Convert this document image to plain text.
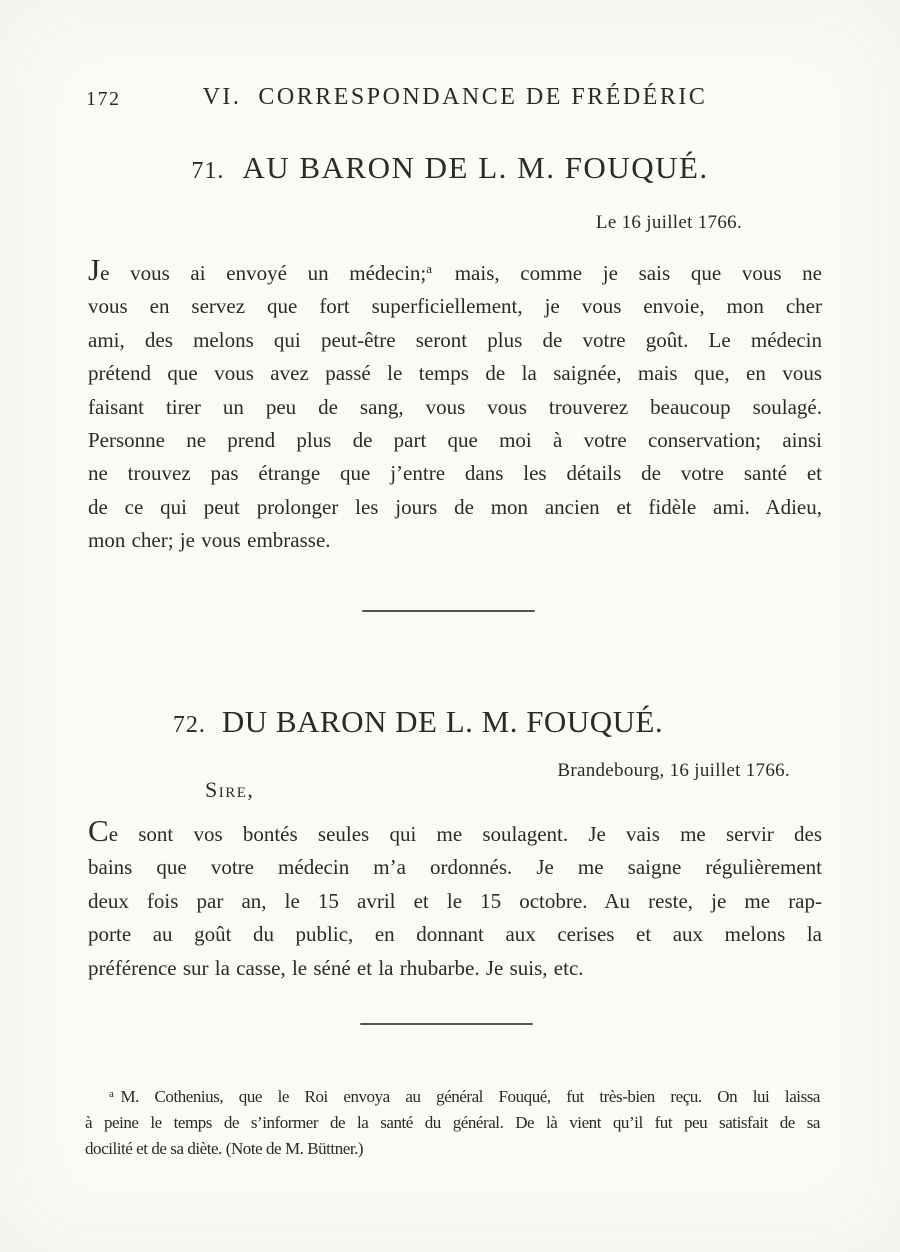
172	VI.  CORRESPONDANCE DE FRÉDÉRIC
71. AU BARON DE L. M. FOUQUÉ.
Le 16 juillet 1766.
Je vous ai envoyé un médecin;$^a$ mais, comme je sais que vous ne
vous en servez que fort superficiellement, je vous envoie, mon cher
ami, des melons qui peut-être seront plus de votre goût. Le médecin
prétend que vous avez passé le temps de la saignée, mais que, en vous
faisant tirer un peu de sang, vous vous trouverez beaucoup soulagé.
Personne ne prend plus de part que moi à votre conservation; ainsi
ne trouvez pas étrange que j’entre dans les détails de votre santé et
de ce qui peut prolonger les jours de mon ancien et fidèle ami. Adieu,
mon cher; je vous embrasse.
72. DU BARON DE L. M. FOUQUÉ.
Brandebourg, 16 juillet 1766.
Sire,
Ce sont vos bontés seules qui me soulagent. Je vais me servir des
bains que votre médecin m’a ordonnés. Je me saigne régulièrement
deux fois par an, le 15 avril et le 15 octobre. Au reste, je me rap-
porte au goût du public, en donnant aux cerises et aux melons la
préférence sur la casse, le séné et la rhubarbe. Je suis, etc.
$^a$ M. Cothenius, que le Roi envoya au général Fouqué, fut très-bien reçu. On lui laissa
à peine le temps de s’informer de la santé du général. De là vient qu’il fut peu satisfait de sa
docilité et de sa diète. (Note de M. Büttner.)
